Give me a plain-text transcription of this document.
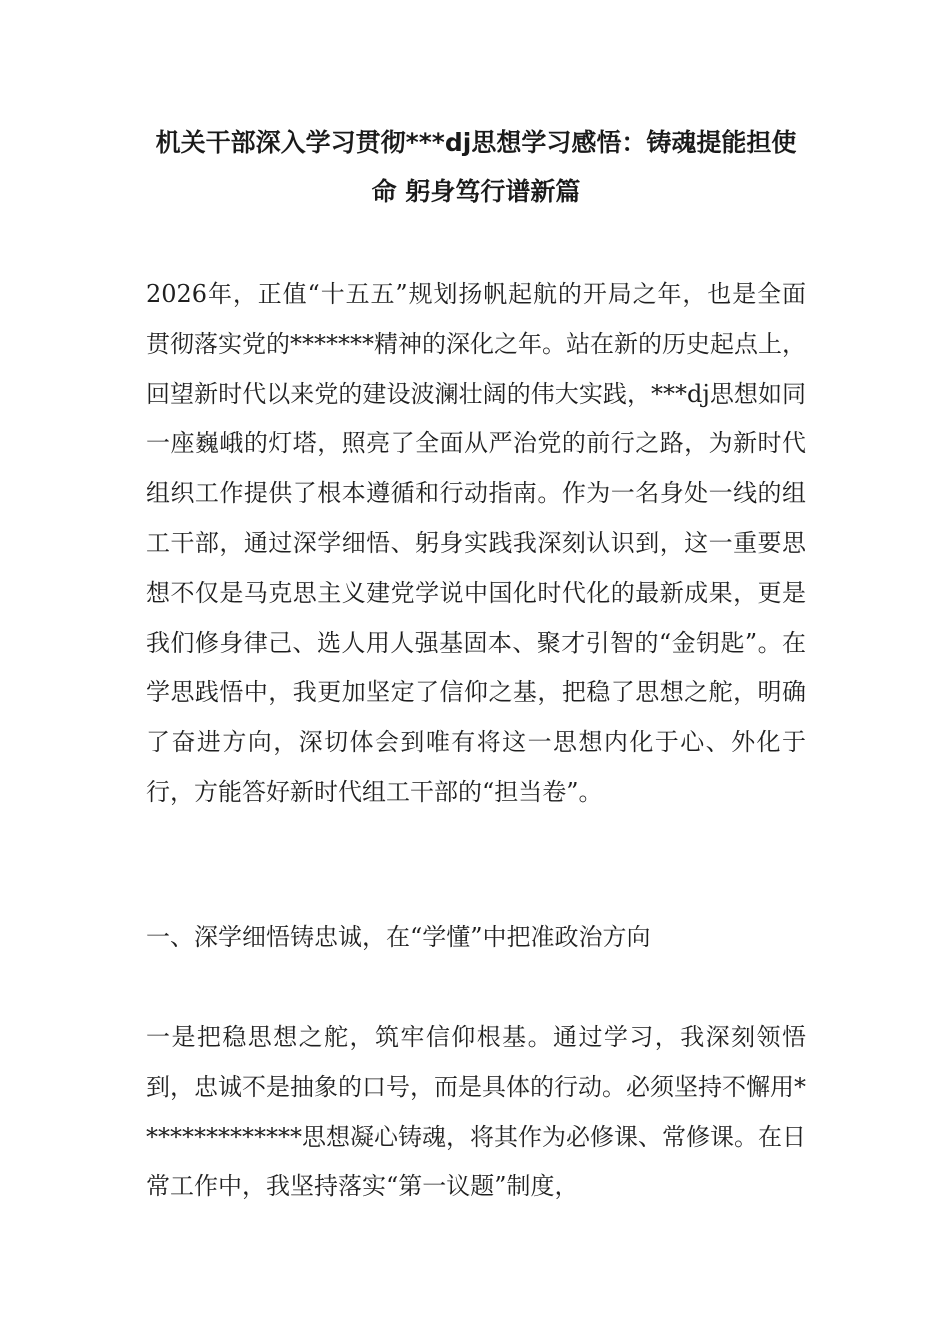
机关干部深入学习贯彻***dj思想学习感悟：铸魂提能担使命 躬身笃行谱新篇

2026年，正值“十五五”规划扬帆起航的开局之年，也是全面贯彻落实党的*******精神的深化之年。站在新的历史起点上，回望新时代以来党的建设波澜壮阔的伟大实践，***dj思想如同一座巍峨的灯塔，照亮了全面从严治党的前行之路，为新时代组织工作提供了根本遵循和行动指南。作为一名身处一线的组工干部，通过深学细悟、躬身实践我深刻认识到，这一重要思想不仅是马克思主义建党学说中国化时代化的最新成果，更是我们修身律己、选人用人强基固本、聚才引智的“金钥匙”。在学思践悟中，我更加坚定了信仰之基，把稳了思想之舵，明确了奋进方向，深切体会到唯有将这一思想内化于心、外化于行，方能答好新时代组工干部的“担当卷”。

一、深学细悟铸忠诚，在“学懂”中把准政治方向

一是把稳思想之舵，筑牢信仰根基。通过学习，我深刻领悟到，忠诚不是抽象的口号，而是具体的行动。必须坚持不懈用**************思想凝心铸魂，将其作为必修课、常修课。在日常工作中，我坚持落实“第一议题”制度，
